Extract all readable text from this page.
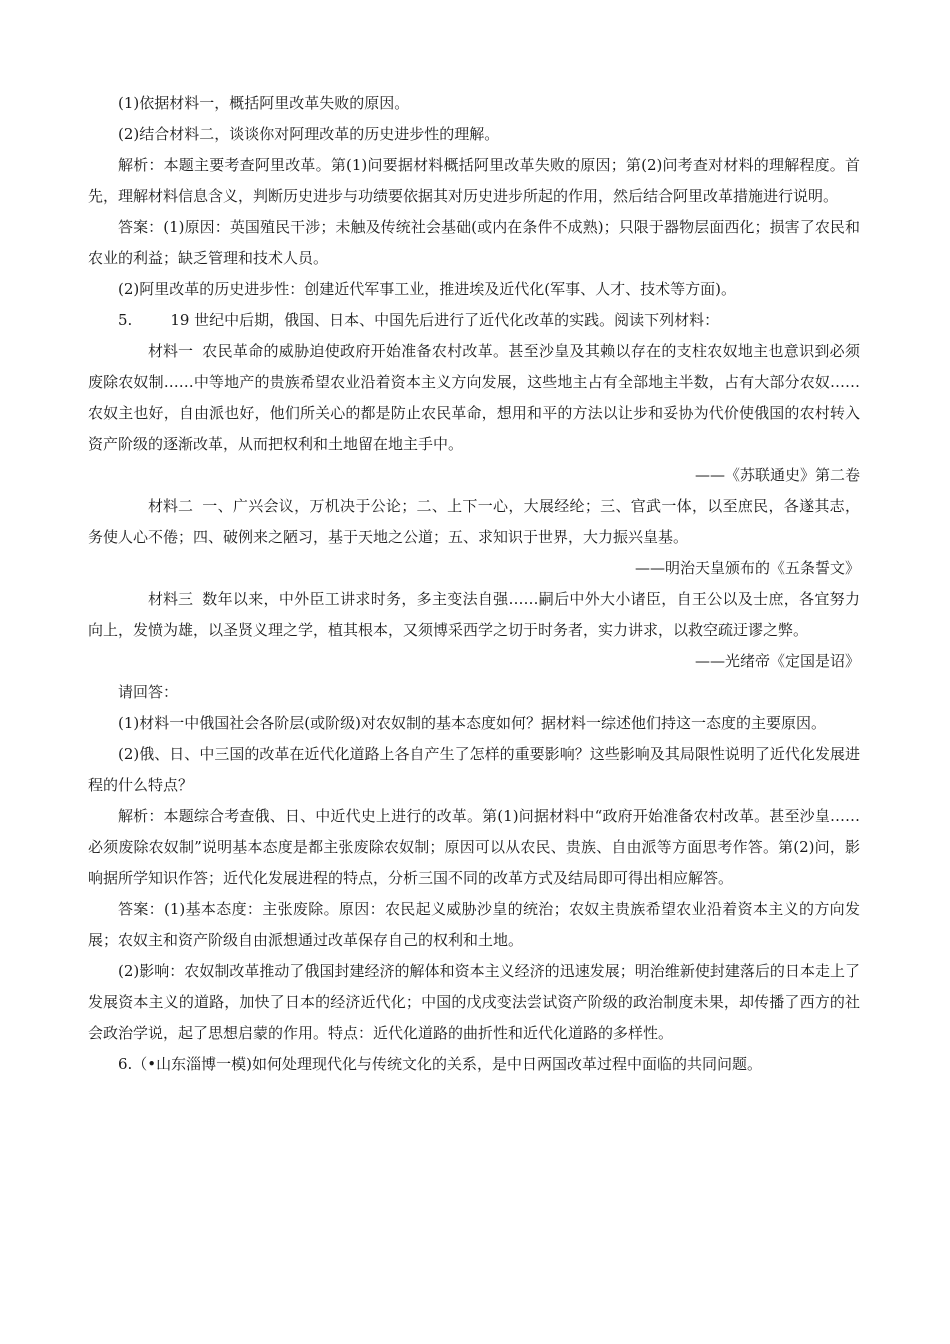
(1)依据材料一，概括阿里改革失败的原因。

(2)结合材料二，谈谈你对阿理改革的历史进步性的理解。

解析：本题主要考查阿里改革。第(1)问要据材料概括阿里改革失败的原因；第(2)问考查对材料的理解程度。首先，理解材料信息含义，判断历史进步与功绩要依据其对历史进步所起的作用，然后结合阿里改革措施进行说明。

答案：(1)原因：英国殖民干涉；未触及传统社会基础(或内在条件不成熟)；只限于器物层面西化；损害了农民和农业的利益；缺乏管理和技术人员。

(2)阿里改革的历史进步性：创建近代军事工业，推进埃及近代化(军事、人才、技术等方面)。

5.	19 世纪中后期，俄国、日本、中国先后进行了近代化改革的实践。阅读下列材料：

材料一 农民革命的威胁迫使政府开始准备农村改革。甚至沙皇及其赖以存在的支柱农奴地主也意识到必须废除农奴制……中等地产的贵族希望农业沿着资本主义方向发展，这些地主占有全部地主半数，占有大部分农奴……农奴主也好，自由派也好，他们所关心的都是防止农民革命，想用和平的方法以让步和妥协为代价使俄国的农村转入资产阶级的逐渐改革，从而把权利和土地留在地主手中。

——《苏联通史》第二卷

材料二 一、广兴会议，万机决于公论；二、上下一心，大展经纶；三、官武一体，以至庶民，各遂其志，务使人心不倦；四、破例来之陋习，基于天地之公道；五、求知识于世界，大力振兴皇基。

——明治天皇颁布的《五条誓文》

材料三 数年以来，中外臣工讲求时务，多主变法自强……嗣后中外大小诸臣，自王公以及士庶，各宜努力向上，发愤为雄，以圣贤义理之学，植其根本，又须博采西学之切于时务者，实力讲求，以救空疏迂谬之弊。

——光绪帝《定国是诏》

请回答：

(1)材料一中俄国社会各阶层(或阶级)对农奴制的基本态度如何？据材料一综述他们持这一态度的主要原因。

(2)俄、日、中三国的改革在近代化道路上各自产生了怎样的重要影响？这些影响及其局限性说明了近代化发展进程的什么特点？

解析：本题综合考查俄、日、中近代史上进行的改革。第(1)问据材料中“政府开始准备农村改革。甚至沙皇……必须废除农奴制”说明基本态度是都主张废除农奴制；原因可以从农民、贵族、自由派等方面思考作答。第(2)问，影响据所学知识作答；近代化发展进程的特点，分析三国不同的改革方式及结局即可得出相应解答。

答案：(1)基本态度：主张废除。原因：农民起义威胁沙皇的统治；农奴主贵族希望农业沿着资本主义的方向发展；农奴主和资产阶级自由派想通过改革保存自己的权利和土地。

(2)影响：农奴制改革推动了俄国封建经济的解体和资本主义经济的迅速发展；明治维新使封建落后的日本走上了发展资本主义的道路，加快了日本的经济近代化；中国的戊戌变法尝试资产阶级的政治制度未果，却传播了西方的社会政治学说，起了思想启蒙的作用。特点：近代化道路的曲折性和近代化道路的多样性。

6.（•山东淄博一模)如何处理现代化与传统文化的关系，是中日两国改革过程中面临的共同问题。
